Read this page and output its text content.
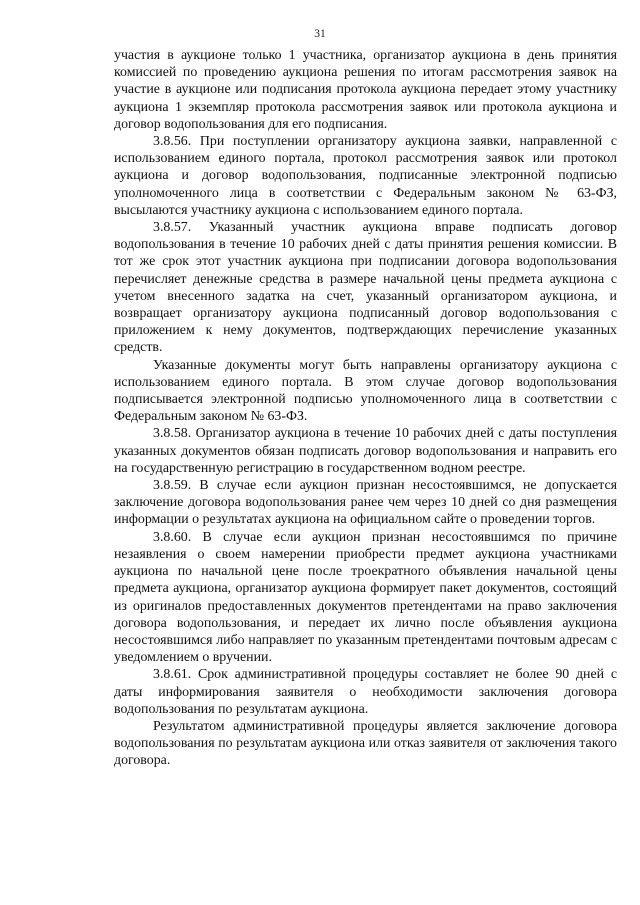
31

участия в аукционе только 1 участника, организатор аукциона в день принятия комиссией по проведению аукциона решения по итогам рассмотрения заявок на участие в аукционе или подписания протокола аукциона передает этому участнику аукциона 1 экземпляр протокола рассмотрения заявок или протокола аукциона и договор водопользования для его подписания.

3.8.56. При поступлении организатору аукциона заявки, направленной с использованием единого портала, протокол рассмотрения заявок или протокол аукциона и договор водопользования, подписанные электронной подписью уполномоченного лица в соответствии с Федеральным законом № 63-ФЗ, высылаются участнику аукциона с использованием единого портала.

3.8.57. Указанный участник аукциона вправе подписать договор водопользования в течение 10 рабочих дней с даты принятия решения комиссии. В тот же срок этот участник аукциона при подписании договора водопользования перечисляет денежные средства в размере начальной цены предмета аукциона с учетом внесенного задатка на счет, указанный организатором аукциона, и возвращает организатору аукциона подписанный договор водопользования с приложением к нему документов, подтверждающих перечисление указанных средств.

Указанные документы могут быть направлены организатору аукциона с использованием единого портала. В этом случае договор водопользования подписывается электронной подписью уполномоченного лица в соответствии с Федеральным законом № 63-ФЗ.

3.8.58. Организатор аукциона в течение 10 рабочих дней с даты поступления указанных документов обязан подписать договор водопользования и направить его на государственную регистрацию в государственном водном реестре.

3.8.59. В случае если аукцион признан несостоявшимся, не допускается заключение договора водопользования ранее чем через 10 дней со дня размещения информации о результатах аукциона на официальном сайте о проведении торгов.

3.8.60. В случае если аукцион признан несостоявшимся по причине незаявления о своем намерении приобрести предмет аукциона участниками аукциона по начальной цене после троекратного объявления начальной цены предмета аукциона, организатор аукциона формирует пакет документов, состоящий из оригиналов предоставленных документов претендентами на право заключения договора водопользования, и передает их лично после объявления аукциона несостоявшимся либо направляет по указанным претендентами почтовым адресам с уведомлением о вручении.

3.8.61. Срок административной процедуры составляет не более 90 дней с даты информирования заявителя о необходимости заключения договора водопользования по результатам аукциона.

Результатом административной процедуры является заключение договора водопользования по результатам аукциона или отказ заявителя от заключения такого договора.
